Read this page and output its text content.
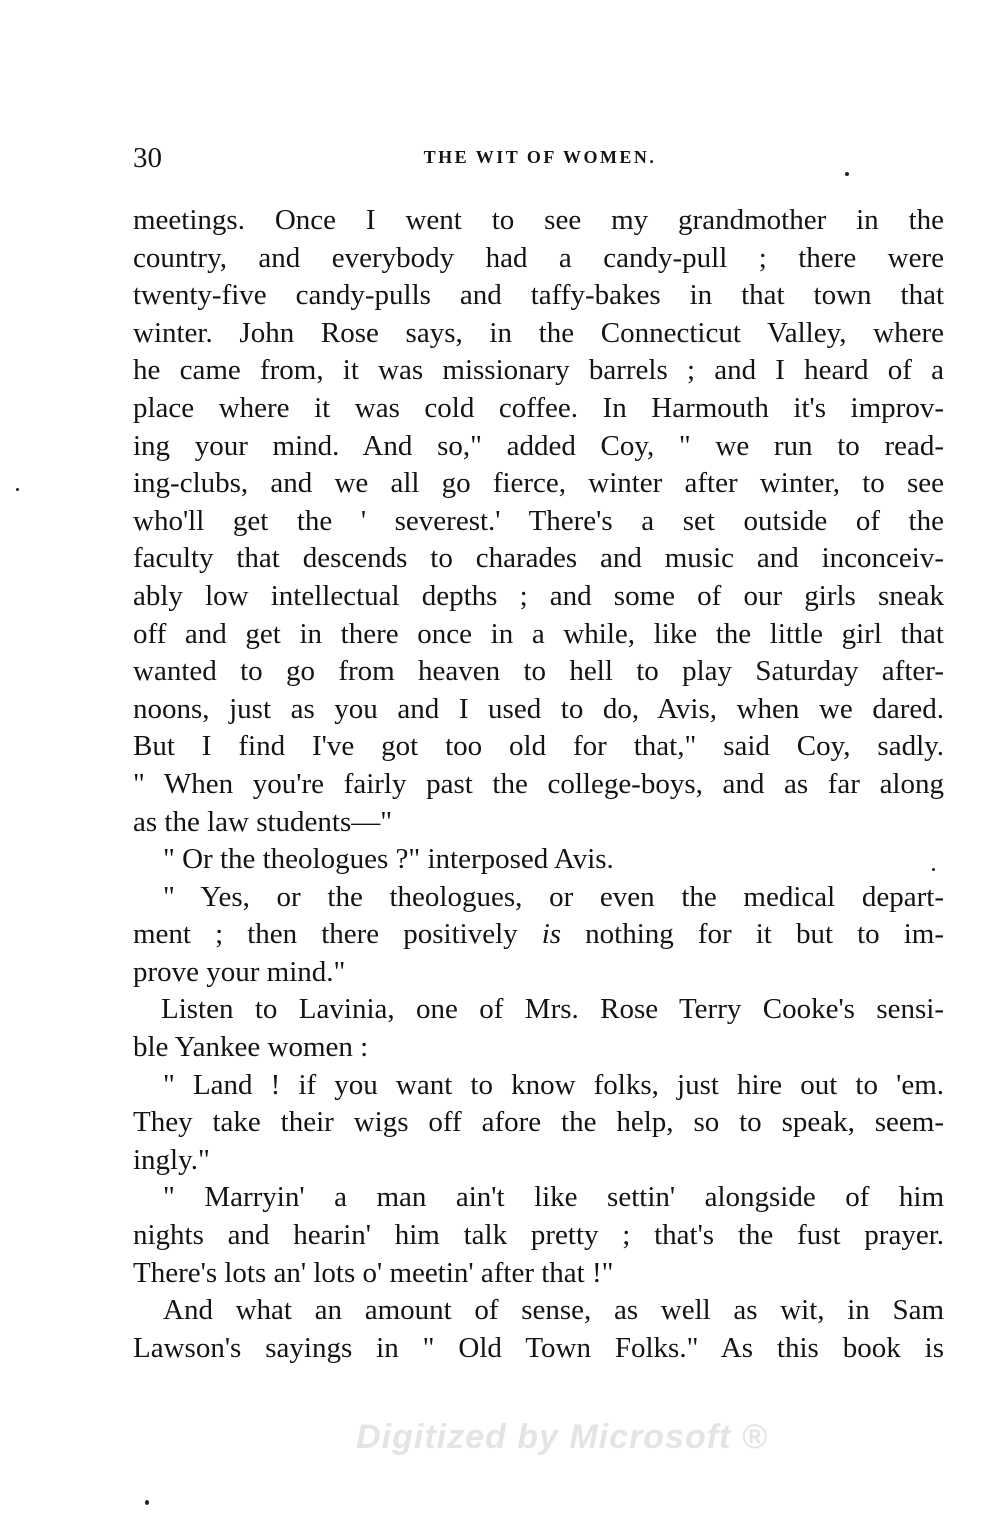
30	THE WIT OF WOMEN.
meetings. Once I went to see my grandmother in the
country, and everybody had a candy-pull ; there were
twenty-five candy-pulls and taffy-bakes in that town that
winter. John Rose says, in the Connecticut Valley, where
he came from, it was missionary barrels ; and I heard of a
place where it was cold coffee. In Harmouth it's improv-
ing your mind. And so," added Coy, " we run to read-
ing-clubs, and we all go fierce, winter after winter, to see
who'll get the ' severest.' There's a set outside of the
faculty that descends to charades and music and inconceiv-
ably low intellectual depths ; and some of our girls sneak
off and get in there once in a while, like the little girl that
wanted to go from heaven to hell to play Saturday after-
noons, just as you and I used to do, Avis, when we dared.
But I find I've got too old for that," said Coy, sadly.
" When you're fairly past the college-boys, and as far along
as the law students—"
" Or the theologues ?" interposed Avis.
" Yes, or the theologues, or even the medical depart-
ment ; then there positively is nothing for it but to im-
prove your mind."
Listen to Lavinia, one of Mrs. Rose Terry Cooke's sensi-
ble Yankee women :
" Land ! if you want to know folks, just hire out to 'em.
They take their wigs off afore the help, so to speak, seem-
ingly."
" Marryin' a man ain't like settin' alongside of him
nights and hearin' him talk pretty ; that's the fust prayer.
There's lots an' lots o' meetin' after that !"
And what an amount of sense, as well as wit, in Sam
Lawson's sayings in " Old Town Folks." As this book is
Digitized by Microsoft ®
